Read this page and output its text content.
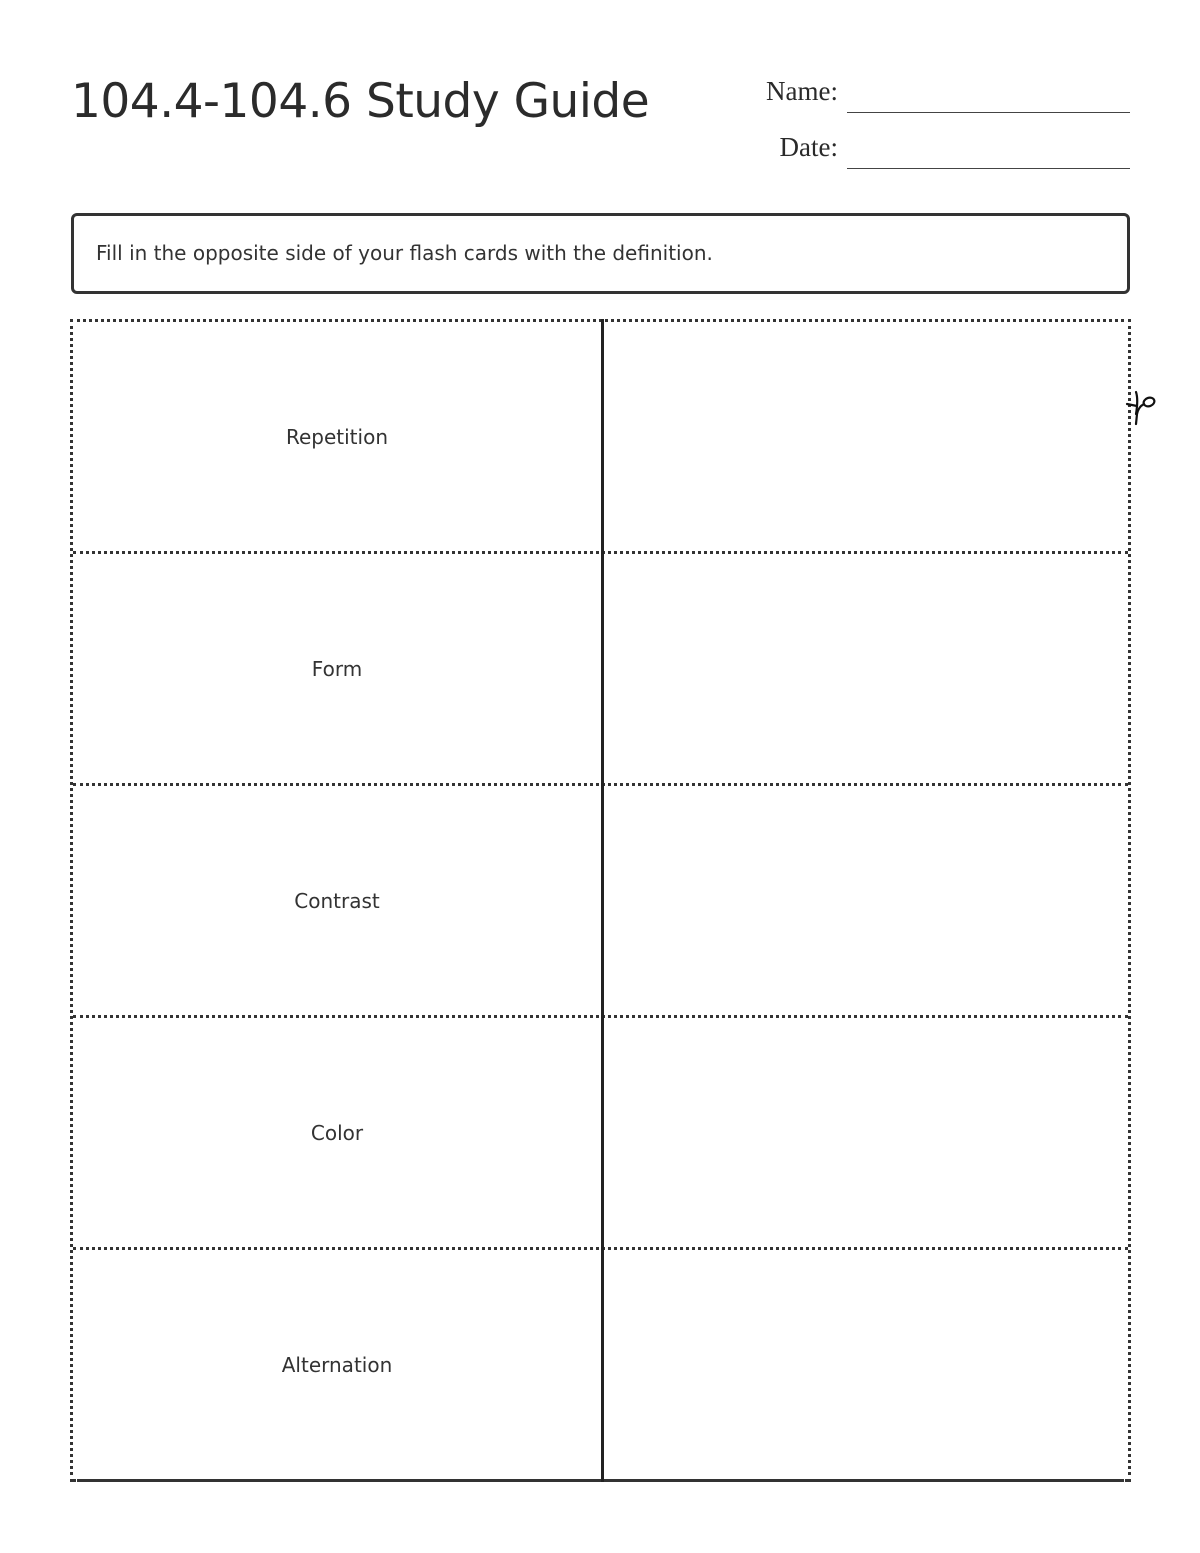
104.4-104.6 Study Guide	Name:
Date:
Fill in the opposite side of your flash cards with the definition.
Repetition
Form
Contrast
Color
Alternation
